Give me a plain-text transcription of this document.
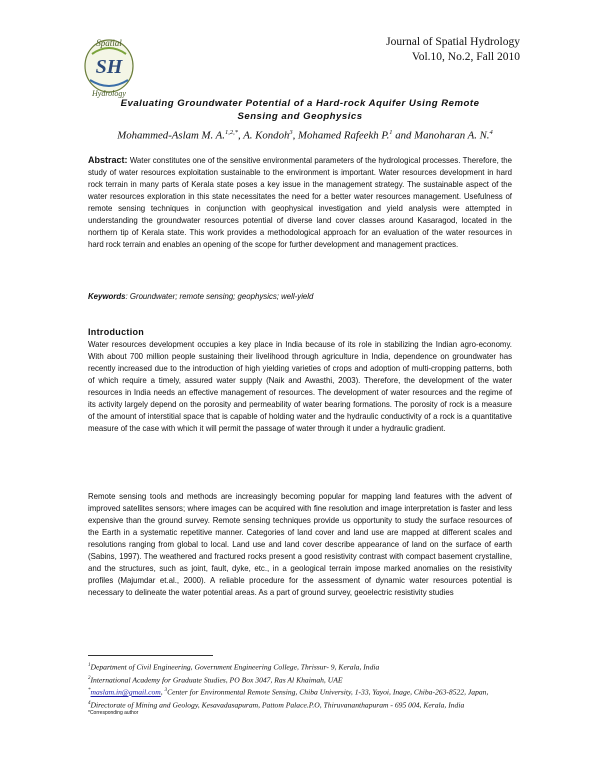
Spatial
SH
Hydrology
Journal of Spatial Hydrology
Vol.10, No.2, Fall 2010
Evaluating Groundwater Potential of a Hard-rock Aquifer Using Remote
Sensing and Geophysics
Mohammed-Aslam M. A.$^{1,2,*}$, A. Kondoh$^3$, Mohamed Rafeekh P.$^1$ and Manoharan A. N.$^4$
Abstract: Water constitutes one of the sensitive environmental parameters of the hydrological processes. Therefore, the study of water resources exploitation sustainable to the environment is important. Water resources development in hard rock terrain in many parts of Kerala state poses a key issue in the management strategy. The sustainable aspect of the water resources exploration in this state necessitates the need for a better water resources management. Usefulness of remote sensing techniques in conjunction with geophysical investigation and yield analysis were attempted in understanding the groundwater resources potential of diverse land cover classes around Kasaragod, located in the northern tip of Kerala state. This work provides a methodological approach for an evaluation of the water resources in hard rock terrain and enables an opening of the scope for further development and management practices.
Keywords: Groundwater; remote sensing; geophysics; well-yield
Introduction
Water resources development occupies a key place in India because of its role in stabilizing the Indian agro-economy. With about 700 million people sustaining their livelihood through agriculture in India, dependence on groundwater has recently increased due to the introduction of high yielding varieties of crops and adoption of multi-cropping patterns, both of which require a timely, assured water supply (Naik and Awasthi, 2003). Therefore, the development of the water resources in India needs an effective management of resources. The development of water resources and the regime of its activity largely depend on the porosity and permeability of water bearing formations. The porosity of rock is a measure of the amount of interstitial space that is capable of holding water and the hydraulic conductivity of a rock is a quantitative measure of the case with which it will permit the passage of water through it under a hydraulic gradient.
Remote sensing tools and methods are increasingly becoming popular for mapping land features with the advent of improved satellites sensors; where images can be acquired with fine resolution and image interpretation is faster and less expensive than the ground survey. Remote sensing techniques provide us opportunity to study the surface resources of the Earth in a systematic repetitive manner. Categories of land cover and land use are mapped at different scales and resolutions ranging from global to local. Land use and land cover describe appearance of land on the surface of earth (Sabins, 1997). The weathered and fractured rocks present a good resistivity contrast with compact basement crystalline, and the structures, such as joint, fault, dyke, etc., in a geological terrain impose marked anomalies on the resistivity profiles (Majumdar et.al., 2000). A reliable procedure for the assessment of dynamic water resources potential is necessary to delineate the water potential areas. As a part of ground survey, geoelectric resistivity studies
$^1$Department of Civil Engineering, Government Engineering College, Thrissur- 9, Kerala, India
$^2$International Academy for Graduate Studies, PO Box 3047, Ras Al Khaimah, UAE
*maslam.in@gmail.com, $^3$Center for Environmental Remote Sensing, Chiba University, 1-33, Yayoi, Inage, Chiba-263-8522, Japan, $^4$Directorate of Mining and Geology, Kesavadasapuram, Pattom Palace.P.O, Thiruvananthapuram - 695 004, Kerala, India
*Corresponding author
